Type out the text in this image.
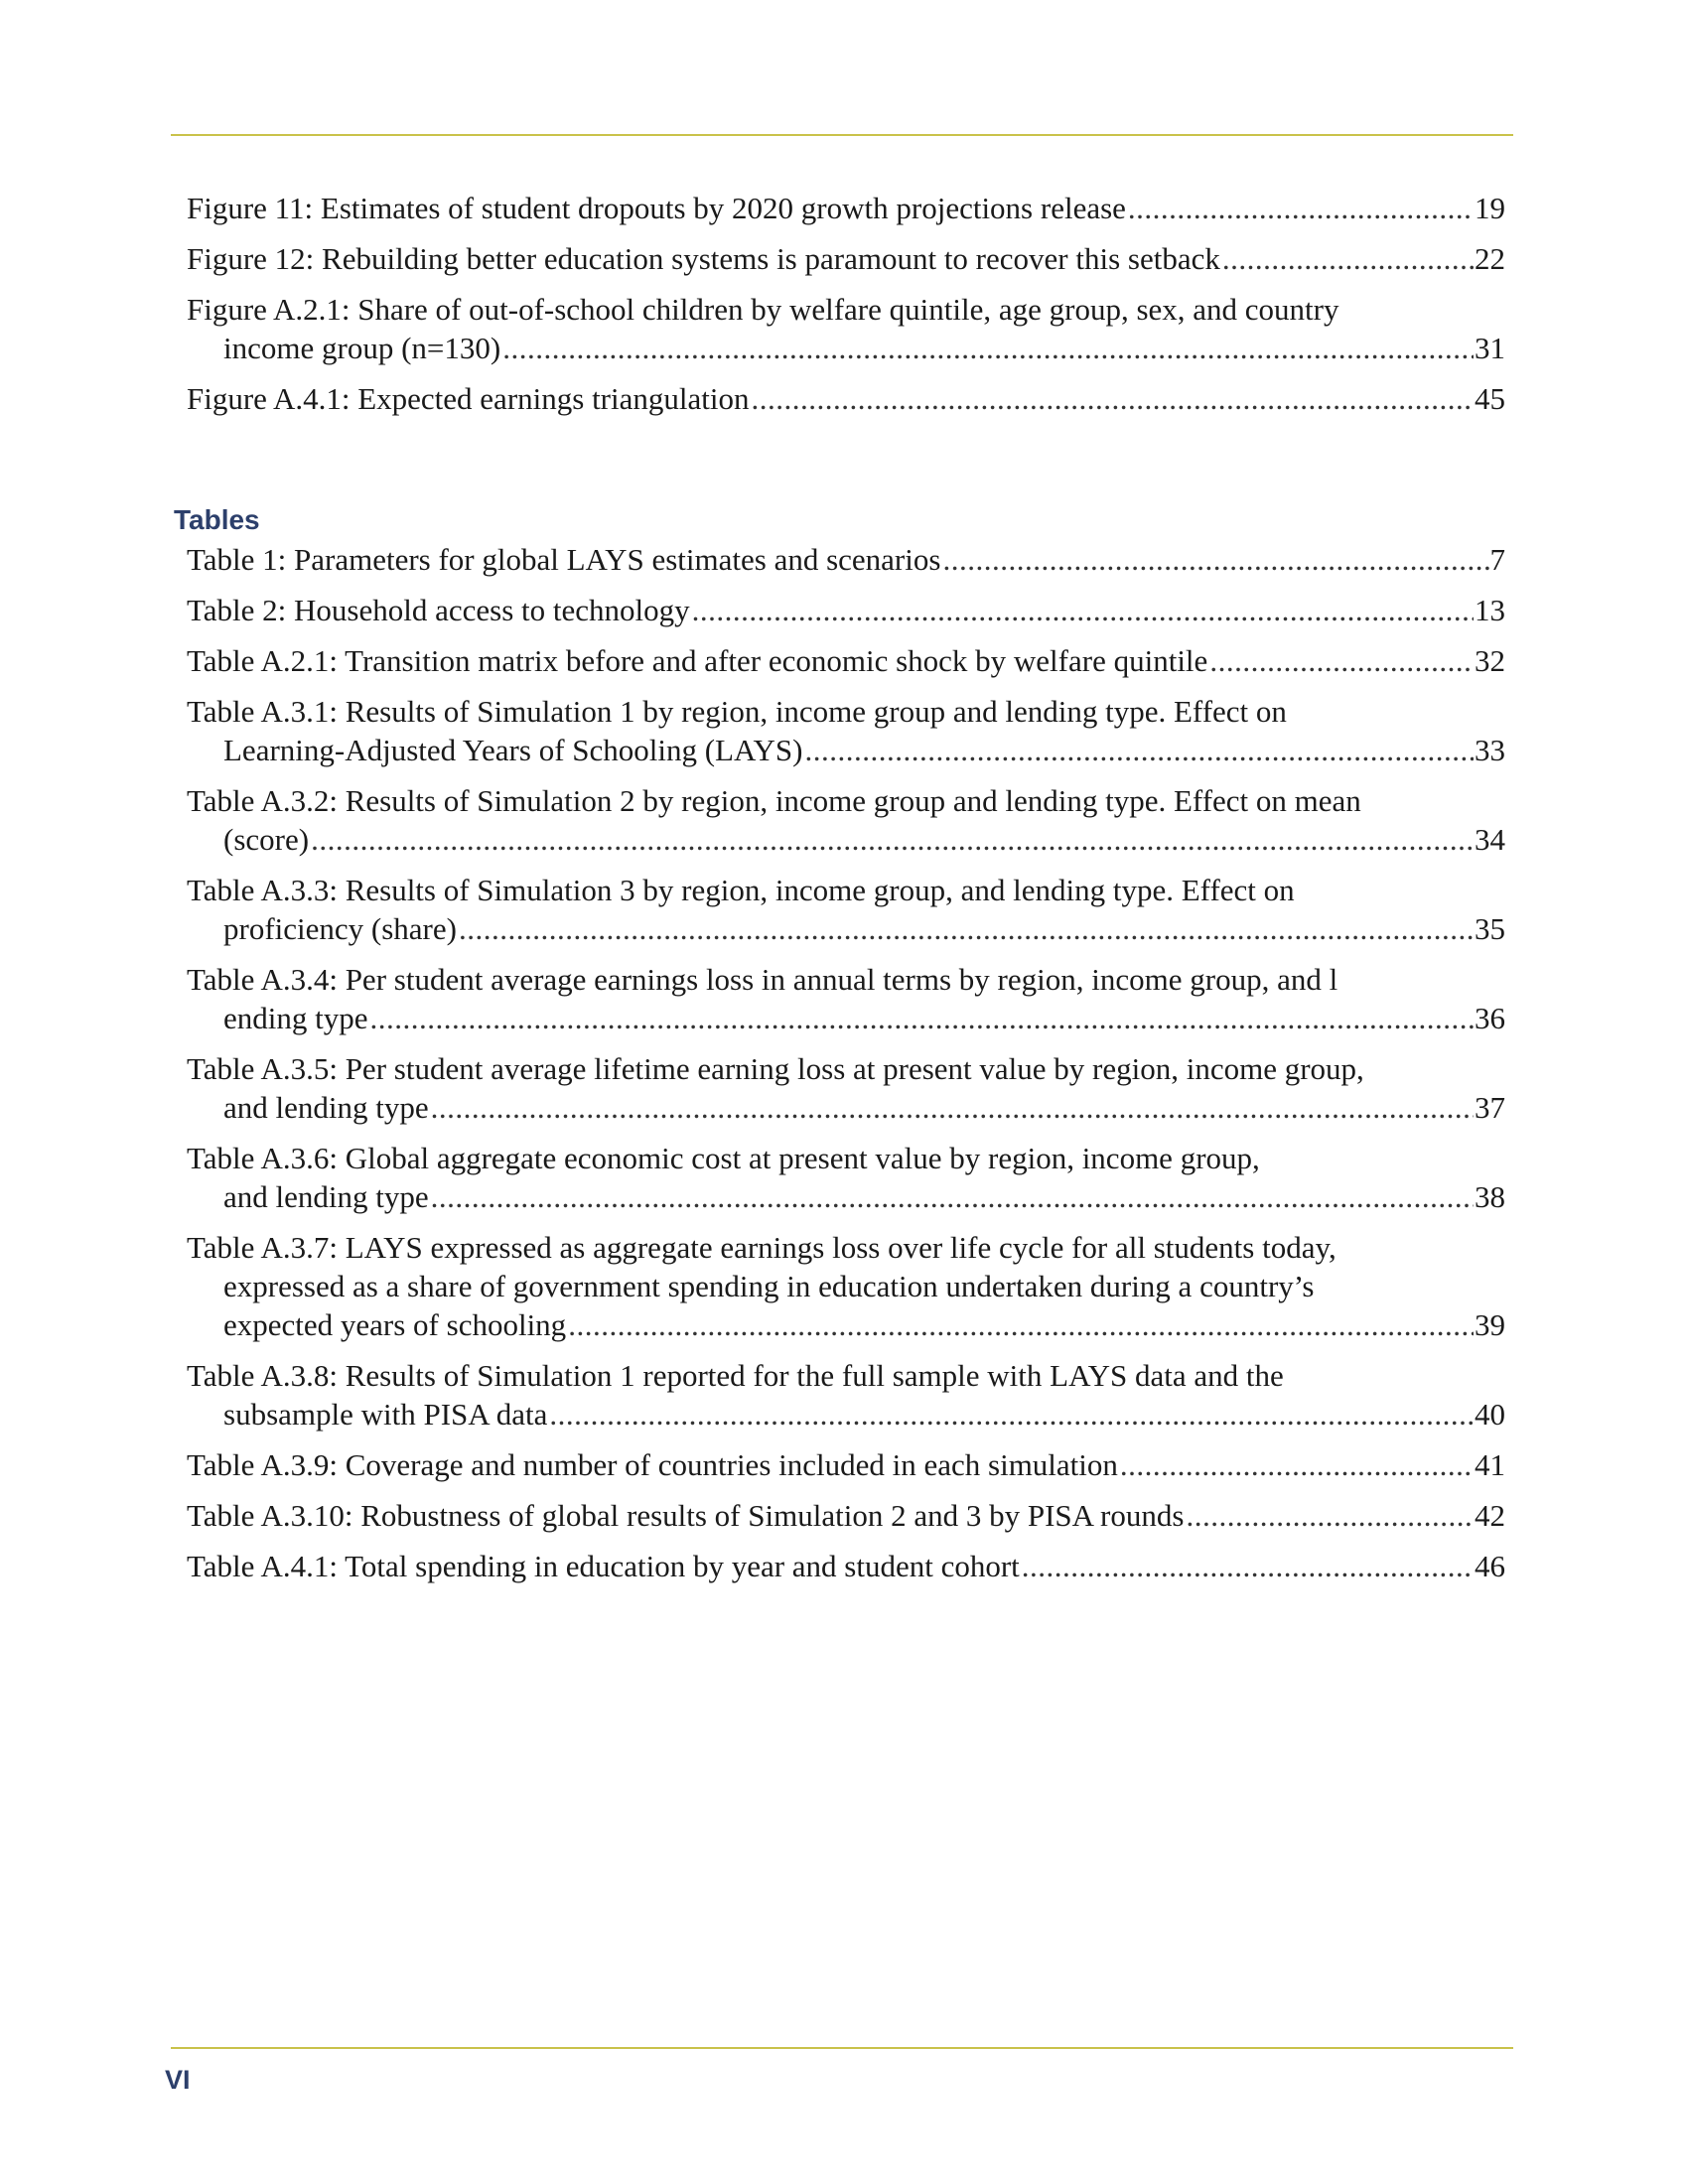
Figure 11: Estimates of student dropouts by 2020 growth projections release .....	19
Figure 12: Rebuilding better education systems is paramount to recover this setback .....	22
Figure A.2.1: Share of out-of-school children by welfare quintile, age group, sex, and country
income group (n=130) .....	31
Figure A.4.1: Expected earnings triangulation .....	45
Tables
Table 1: Parameters for global LAYS estimates and scenarios .....	7
Table 2: Household access to technology .....	13
Table A.2.1: Transition matrix before and after economic shock by welfare quintile .....	32
Table A.3.1: Results of Simulation 1 by region, income group and lending type. Effect on
Learning-Adjusted Years of Schooling (LAYS) .....	33
Table A.3.2: Results of Simulation 2 by region, income group and lending type. Effect on mean
(score) .....	34
Table A.3.3: Results of Simulation 3 by region, income group, and lending type. Effect on
proficiency (share) .....	35
Table A.3.4: Per student average earnings loss in annual terms by region, income group, and l
ending type .....	36
Table A.3.5: Per student average lifetime earning loss at present value by region, income group,
and lending type .....	37
Table A.3.6: Global aggregate economic cost at present value by region, income group,
and lending type .....	38
Table A.3.7: LAYS expressed as aggregate earnings loss over life cycle for all students today,
expressed as a share of government spending in education undertaken during a country’s
expected years of schooling .....	39
Table A.3.8: Results of Simulation 1 reported for the full sample with LAYS data and the
subsample with PISA data .....	40
Table A.3.9: Coverage and number of countries included in each simulation .....	41
Table A.3.10: Robustness of global results of Simulation 2 and 3 by PISA rounds .....	42
Table A.4.1: Total spending in education by year and student cohort .....	46
VI
